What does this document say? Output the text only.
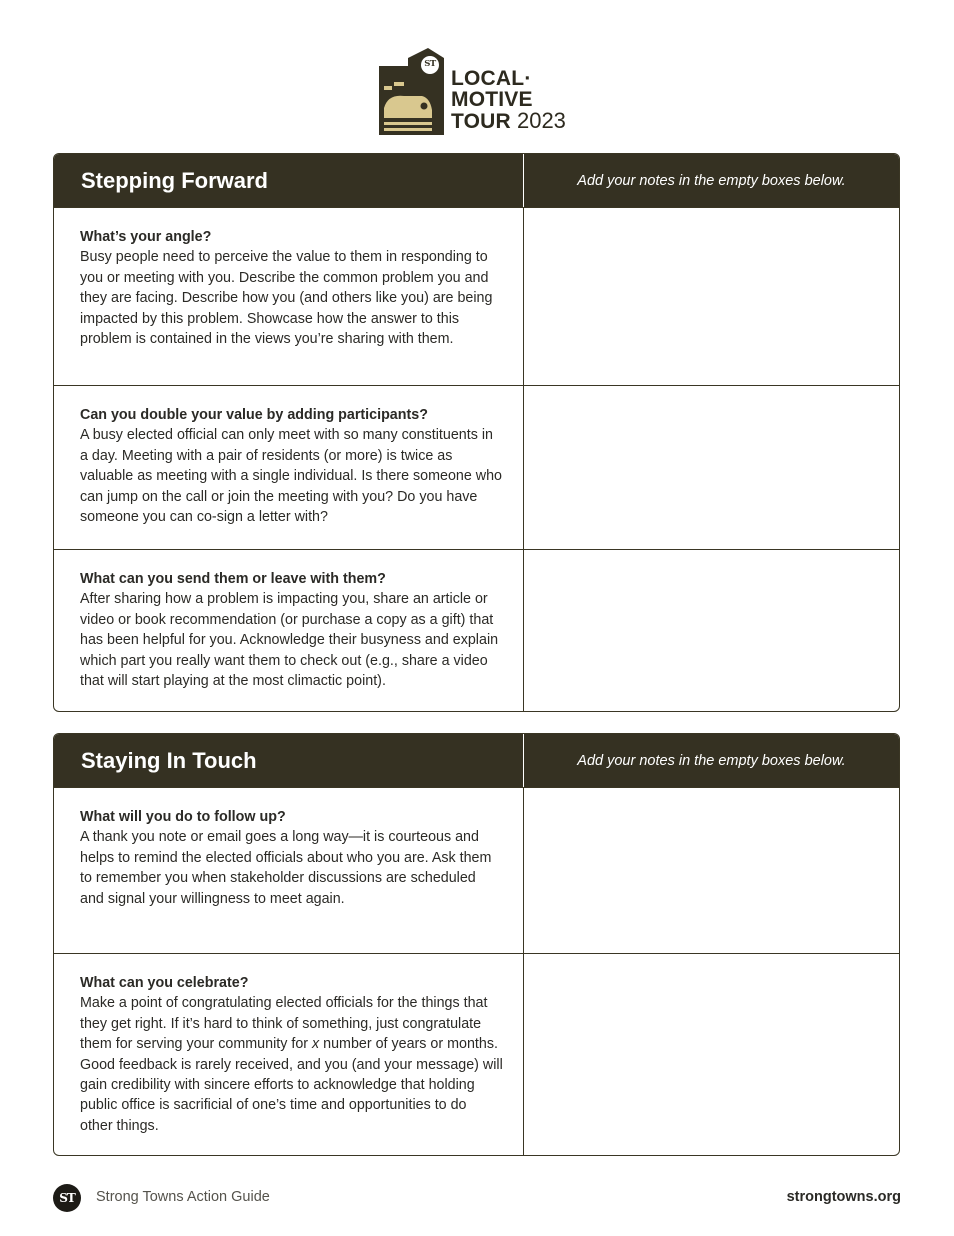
LOCAL·
MOTIVE
TOUR 2023
ST
Stepping Forward	Add your notes in the empty boxes below.
What’s your angle?

Busy people need to perceive the value to them in responding to you or meeting with you. Describe the common problem you and they are facing. Describe how you (and others like you) are being impacted by this problem. Showcase how the answer to this problem is contained in the views you’re sharing with them.

Can you double your value by adding participants?

A busy elected official can only meet with so many constituents in a day. Meeting with a pair of residents (or more) is twice as valuable as meeting with a single individual. Is there someone who can jump on the call or join the meeting with you? Do you have someone you can co-sign a letter with?

What can you send them or leave with them?

After sharing how a problem is impacting you, share an article or video or book recommendation (or purchase a copy as a gift) that has been helpful for you. Acknowledge their busyness and explain which part you really want them to check out (e.g., share a video that will start playing at the most climactic point).

Staying In Touch	Add your notes in the empty boxes below.
What will you do to follow up?

A thank you note or email goes a long way—it is courteous and helps to remind the elected officials about who you are. Ask them to remember you when stakeholder discussions are scheduled and signal your willingness to meet again.

What can you celebrate?

Make a point of congratulating elected officials for the things that they get right. If it’s hard to think of something, just congratulate them for serving your community for x number of years or months. Good feedback is rarely received, and you (and your message) will gain credibility with sincere efforts to acknowledge that holding public office is sacrificial of one’s time and opportunities to do other things.

ST	Strong Towns Action Guide	strongtowns.org
